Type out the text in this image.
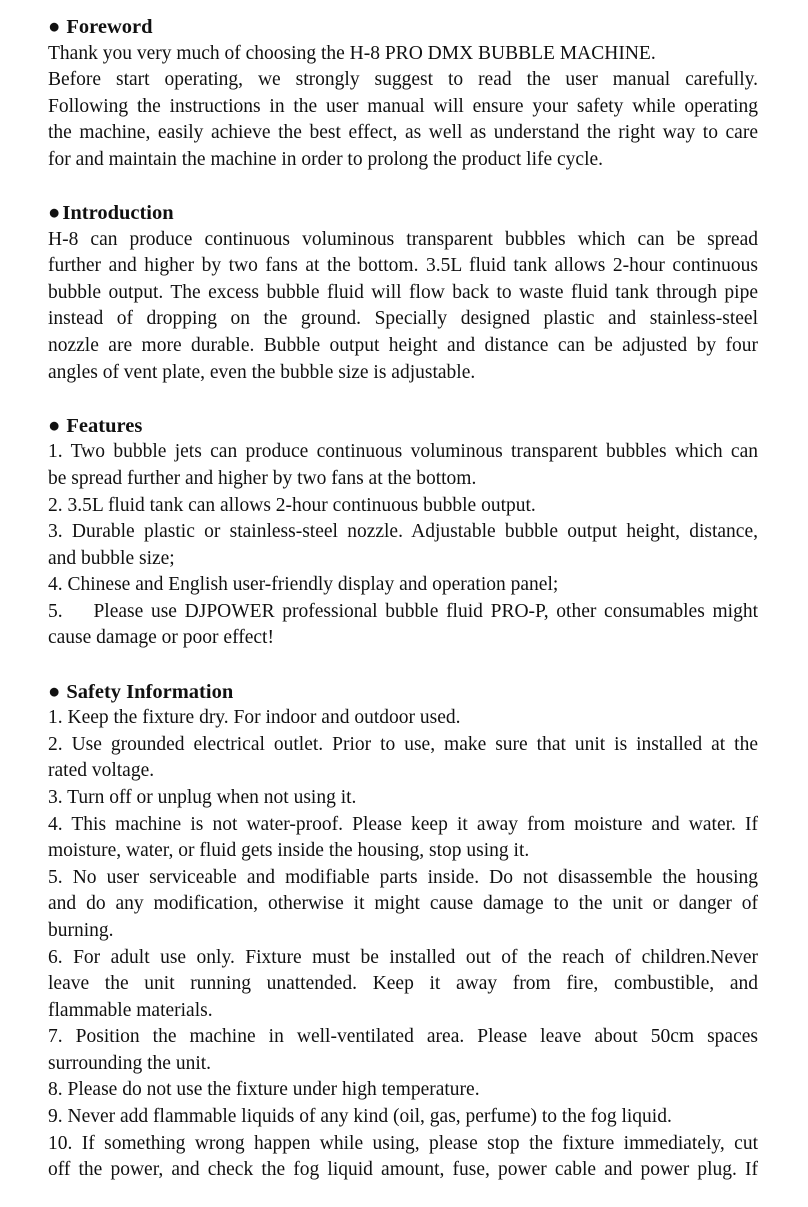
● Foreword

Thank you very much of choosing the H-8 PRO DMX BUBBLE MACHINE.

Before start operating, we strongly suggest to read the user manual carefully.

Following the instructions in the user manual will ensure your safety while operating

the machine, easily achieve the best effect, as well as understand the right way to care

for and maintain the machine in order to prolong the product life cycle.

●Introduction

H-8 can produce continuous voluminous transparent bubbles which can be spread

further and higher by two fans at the bottom. 3.5L fluid tank allows 2-hour continuous

bubble output. The excess bubble fluid will flow back to waste fluid tank through pipe

instead of dropping on the ground. Specially designed plastic and stainless-steel

nozzle are more durable. Bubble output height and distance can be adjusted by four

angles of vent plate, even the bubble size is adjustable.

● Features

1. Two bubble jets can produce continuous voluminous transparent bubbles which can

be spread further and higher by two fans at the bottom.

2. 3.5L fluid tank can allows 2-hour continuous bubble output.

3. Durable plastic or stainless-steel nozzle. Adjustable bubble output height, distance,

and bubble size;

4. Chinese and English user-friendly display and operation panel;

5.    Please use DJPOWER professional bubble fluid PRO-P, other consumables might

cause damage or poor effect!

● Safety Information

1. Keep the fixture dry. For indoor and outdoor used.

2. Use grounded electrical outlet. Prior to use, make sure that unit is installed at the

rated voltage.

3. Turn off or unplug when not using it.

4. This machine is not water-proof. Please keep it away from moisture and water. If

moisture, water, or fluid gets inside the housing, stop using it.

5. No user serviceable and modifiable parts inside. Do not disassemble the housing

and do any modification, otherwise it might cause damage to the unit or danger of

burning.

6. For adult use only. Fixture must be installed out of the reach of children.Never

leave the unit running unattended. Keep it away from fire, combustible, and

flammable materials.

7. Position the machine in well-ventilated area. Please leave about 50cm spaces

surrounding the unit.

8. Please do not use the fixture under high temperature.

9. Never add flammable liquids of any kind (oil, gas, perfume) to the fog liquid.

10. If something wrong happen while using, please stop the fixture immediately, cut

off the power, and check the fog liquid amount, fuse, power cable and power plug. If
